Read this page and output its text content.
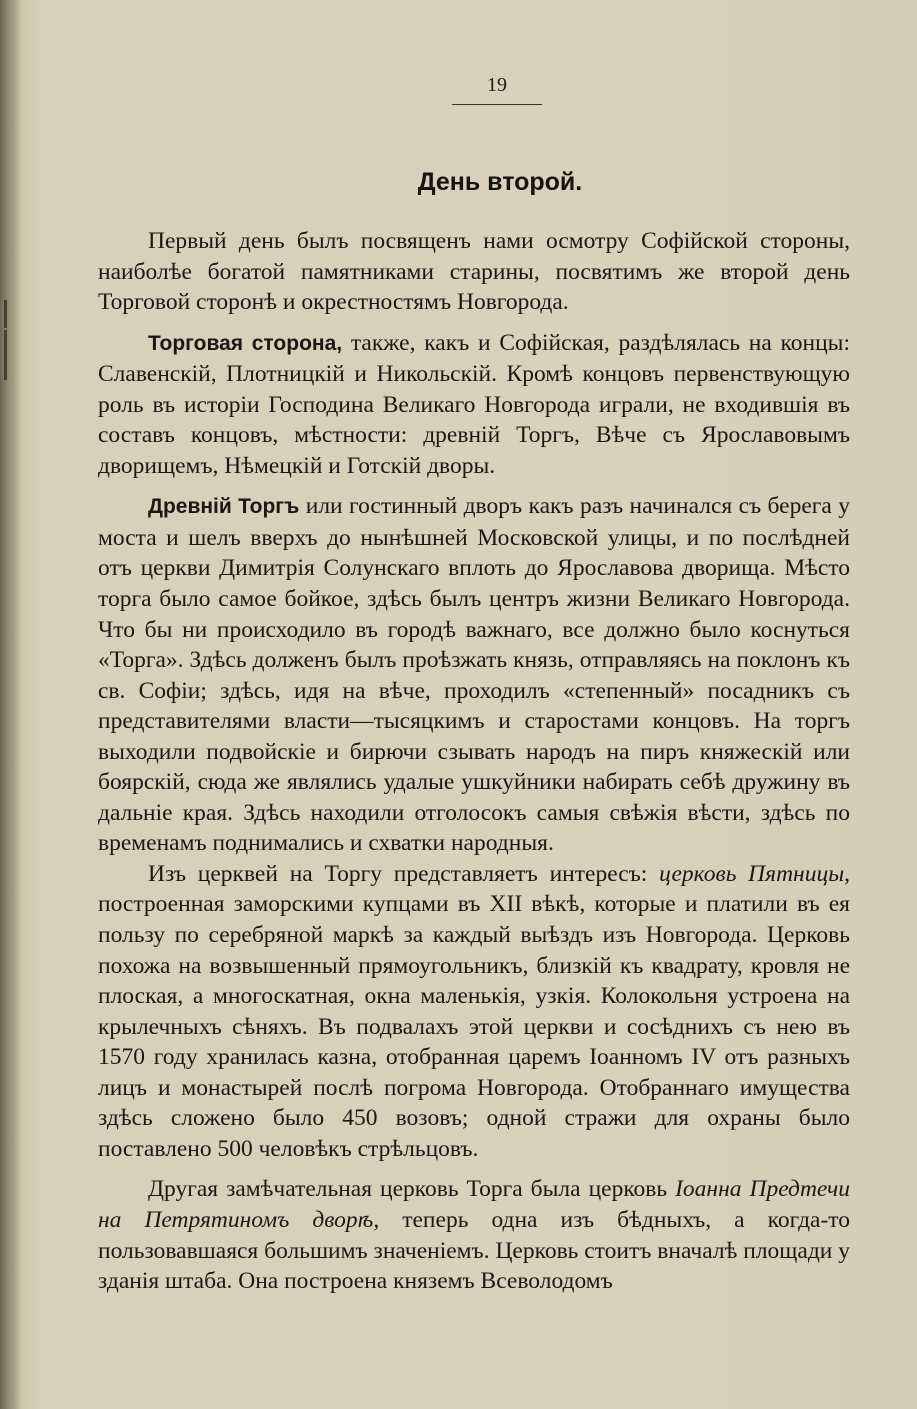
19
День второй.

Первый день былъ посвященъ нами осмотру Софійской стороны, наиболѣе богатой памятниками старины, посвятимъ же второй день Торговой сторонѣ и окрестностямъ Новгорода.

Торговая сторона, также, какъ и Софійская, раздѣлялась на концы: Славенскій, Плотницкій и Никольскій. Кромѣ концовъ первенствующую роль въ исторіи Господина Великаго Новгорода играли, не входившія въ составъ концовъ, мѣстности: древній Торгъ, Вѣче съ Ярославовымъ дворищемъ, Нѣмецкій и Готскій дворы.

Древній Торгъ или гостинный дворъ какъ разъ начинался съ берега у моста и шелъ вверхъ до нынѣшней Московской улицы, и по послѣдней отъ церкви Димитрія Солунскаго вплоть до Ярославова дворища. Мѣсто торга было самое бойкое, здѣсь былъ центръ жизни Великаго Новгорода. Что бы ни происходило въ городѣ важнаго, все должно было коснуться «Торга». Здѣсь долженъ былъ проѣзжать князь, отправляясь на поклонъ къ св. Софіи; здѣсь, идя на вѣче, проходилъ «степенный» посадникъ съ представителями власти—тысяцкимъ и старостами концовъ. На торгъ выходили подвойскіе и бирючи сзывать народъ на пиръ княжескій или боярскій, сюда же являлись удалые ушкуйники набирать себѣ дружину въ дальніе края. Здѣсь находили отголосокъ самыя свѣжія вѣсти, здѣсь по временамъ поднимались и схватки народныя.

Изъ церквей на Торгу представляетъ интересъ: церковь Пятницы, построенная заморскими купцами въ XII вѣкѣ, которые и платили въ ея пользу по серебряной маркѣ за каждый выѣздъ изъ Новгорода. Церковь похожа на возвышенный прямоугольникъ, близкій къ квадрату, кровля не плоская, а многоскатная, окна маленькія, узкія. Колокольня устроена на крылечныхъ сѣняхъ. Въ подвалахъ этой церкви и сосѣднихъ съ нею въ 1570 году хранилась казна, отобранная царемъ Іоанномъ IV отъ разныхъ лицъ и монастырей послѣ погрома Новгорода. Отобраннаго имущества здѣсь сложено было 450 возовъ; одной стражи для охраны было поставлено 500 человѣкъ стрѣльцовъ.

Другая замѣчательная церковь Торга была церковь Іоанна Предтечи на Петрятиномъ дворѣ, теперь одна изъ бѣдныхъ, а когда-то пользовавшаяся большимъ значеніемъ. Церковь стоитъ вначалѣ площади у зданія штаба. Она построена княземъ Всеволодомъ
